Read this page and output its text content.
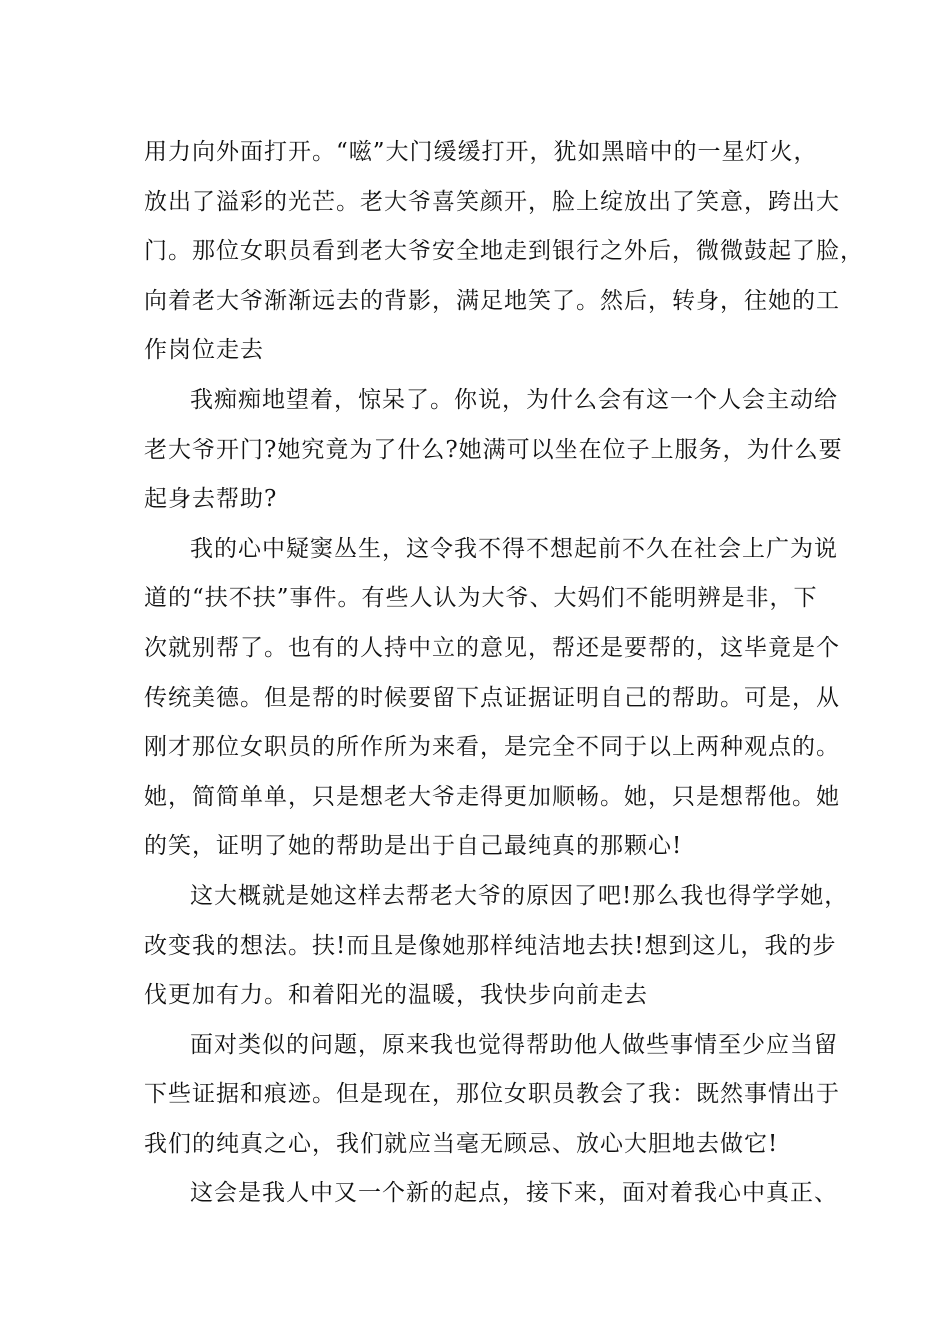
用力向外面打开。“嗞”大门缓缓打开，犹如黑暗中的一星灯火，
放出了溢彩的光芒。老大爷喜笑颜开，脸上绽放出了笑意，跨出大
门。那位女职员看到老大爷安全地走到银行之外后，微微鼓起了脸，
向着老大爷渐渐远去的背影，满足地笑了。然后，转身，往她的工
作岗位走去
我痴痴地望着，惊呆了。你说，为什么会有这一个人会主动给
老大爷开门?她究竟为了什么?她满可以坐在位子上服务，为什么要
起身去帮助?
我的心中疑窦丛生，这令我不得不想起前不久在社会上广为说
道的“扶不扶”事件。有些人认为大爷、大妈们不能明辨是非，下
次就别帮了。也有的人持中立的意见，帮还是要帮的，这毕竟是个
传统美德。但是帮的时候要留下点证据证明自己的帮助。可是，从
刚才那位女职员的所作所为来看，是完全不同于以上两种观点的。
她，简简单单，只是想老大爷走得更加顺畅。她，只是想帮他。她
的笑，证明了她的帮助是出于自己最纯真的那颗心!
这大概就是她这样去帮老大爷的原因了吧!那么我也得学学她，
改变我的想法。扶!而且是像她那样纯洁地去扶!想到这儿，我的步
伐更加有力。和着阳光的温暖，我快步向前走去
面对类似的问题，原来我也觉得帮助他人做些事情至少应当留
下些证据和痕迹。但是现在，那位女职员教会了我：既然事情出于
我们的纯真之心，我们就应当毫无顾忌、放心大胆地去做它!
这会是我人中又一个新的起点，接下来，面对着我心中真正、
